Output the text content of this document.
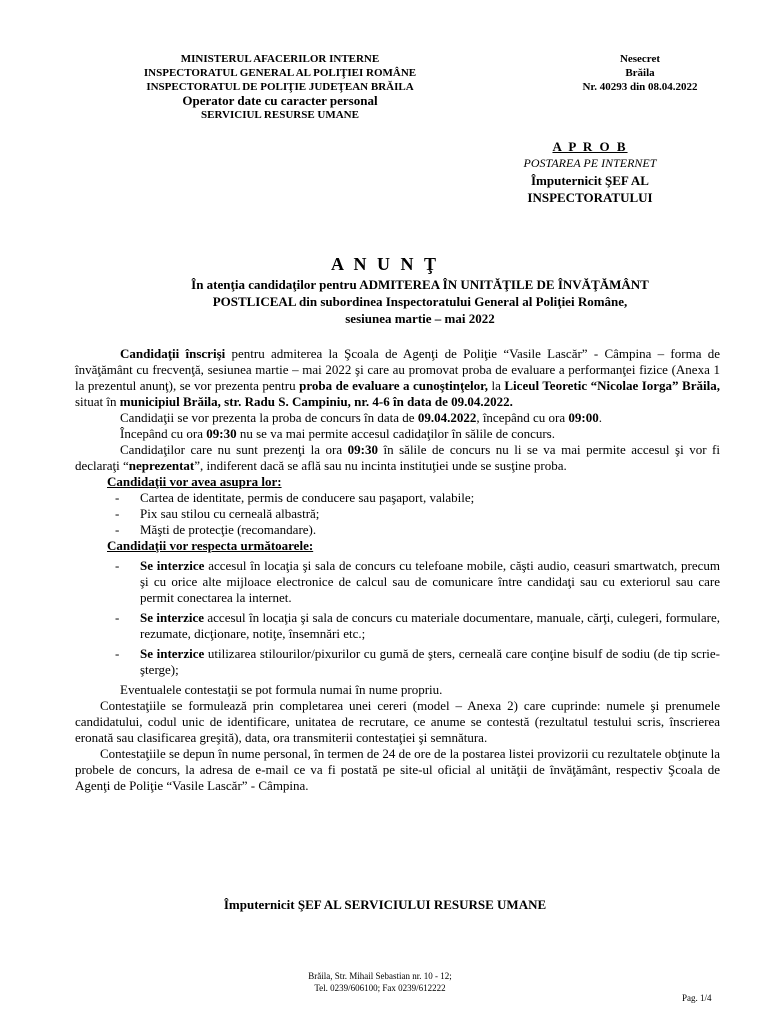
MINISTERUL AFACERILOR INTERNE
INSPECTORATUL GENERAL AL POLIŢIEI ROMÂNE
INSPECTORATUL DE POLIŢIE JUDEŢEAN BRĂILA
Operator date cu caracter personal
SERVICIUL RESURSE UMANE
Nesecret
Brăila
Nr. 40293 din 08.04.2022
A P R O B
POSTAREA PE INTERNET
Împuternicit ŞEF AL
INSPECTORATULUI
A N U N Ţ
În atenţia candidaţilor pentru ADMITEREA ÎN UNITĂŢILE DE ÎNVĂŢĂMÂNT
POSTLICEAL din subordinea Inspectoratului General al Poliţiei Române,
sesiunea martie – mai 2022

Candidaţii înscrişi pentru admiterea la Şcoala de Agenţi de Poliţie “Vasile Lascăr” - Câmpina – forma de învăţământ cu frecvenţă, sesiunea martie – mai 2022 şi care au promovat proba de evaluare a performanţei fizice (Anexa 1 la prezentul anunţ), se vor prezenta pentru proba de evaluare a cunoştinţelor, la Liceul Teoretic “Nicolae Iorga” Brăila, situat în municipiul Brăila, str. Radu S. Campiniu, nr. 4-6 în data de 09.04.2022.

Candidaţii se vor prezenta la proba de concurs în data de 09.04.2022, începând cu ora 09:00.

Începând cu ora 09:30 nu se va mai permite accesul cadidaţilor în sălile de concurs.

Candidaţilor care nu sunt prezenţi la ora 09:30 în sălile de concurs nu li se va mai permite accesul şi vor fi declaraţi “neprezentat”, indiferent dacă se află sau nu incinta instituţiei unde se susţine proba.

Candidaţii vor avea asupra lor:

- Cartea de identitate, permis de conducere sau paşaport, valabile;
- Pix sau stilou cu cerneală albastră;
- Măşti de protecţie (recomandare).

Candidaţii vor respecta următoarele:

- Se interzice accesul în locaţia şi sala de concurs cu telefoane mobile, căşti audio, ceasuri smartwatch, precum şi cu orice alte mijloace electronice de calcul sau de comunicare între candidaţi sau cu exteriorul sau care permit conectarea la internet.
- Se interzice accesul în locaţia şi sala de concurs cu materiale documentare, manuale, cărţi, culegeri, formulare, rezumate, dicţionare, notiţe, însemnări etc.;
- Se interzice utilizarea stilourilor/pixurilor cu gumă de şters, cerneală care conţine bisulf de sodiu (de tip scrie-şterge);

Eventualele contestaţii se pot formula numai în nume propriu.

Contestaţiile se formulează prin completarea unei cereri (model – Anexa 2) care cuprinde: numele şi prenumele candidatului, codul unic de identificare, unitatea de recrutare, ce anume se contestă (rezultatul testului scris, înscrierea eronată sau clasificarea greşită), data, ora transmiterii contestaţiei şi semnătura.

Contestaţiile se depun în nume personal, în termen de 24 de ore de la postarea listei provizorii cu rezultatele obţinute la probele de concurs, la adresa de e-mail ce va fi postată pe site-ul oficial al unităţii de învăţământ, respectiv Şcoala de Agenţi de Poliţie “Vasile Lascăr” - Câmpina.

Împuternicit ŞEF AL SERVICIULUI RESURSE UMANE
Brăila, Str. Mihail Sebastian nr. 10 - 12;
Tel. 0239/606100; Fax 0239/612222
Pag. 1/4
